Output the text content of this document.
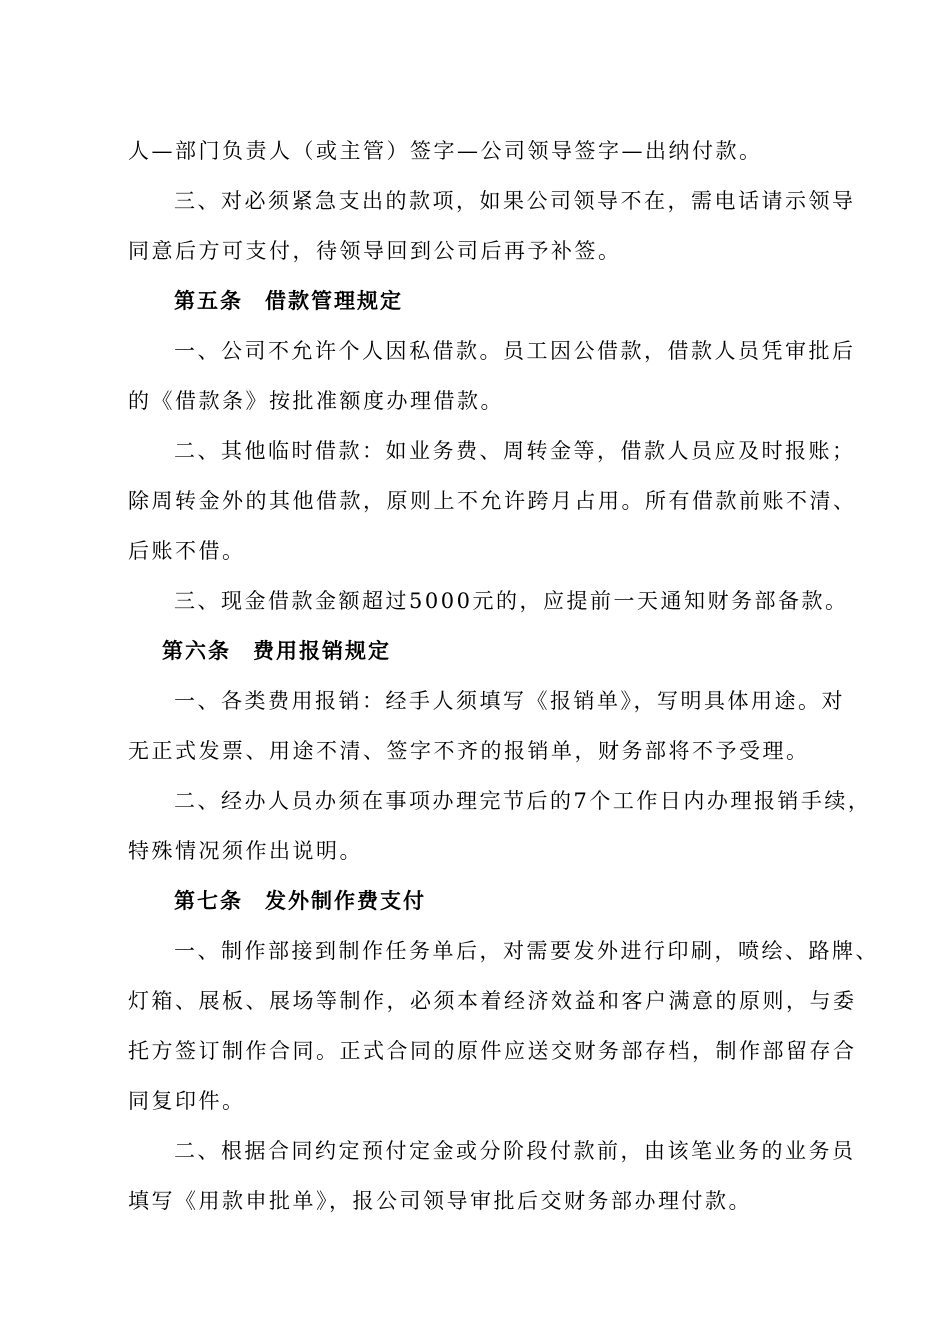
人—部门负责人（或主管）签字—公司领导签字—出纳付款。
三、对必须紧急支出的款项，如果公司领导不在，需电话请示领导
同意后方可支付，待领导回到公司后再予补签。
第五条 借款管理规定
一、公司不允许个人因私借款。员工因公借款，借款人员凭审批后
的《借款条》按批准额度办理借款。
二、其他临时借款：如业务费、周转金等，借款人员应及时报账；
除周转金外的其他借款，原则上不允许跨月占用。所有借款前账不清、
后账不借。
三、现金借款金额超过5000元的，应提前一天通知财务部备款。
第六条 费用报销规定
一、各类费用报销：经手人须填写《报销单》，写明具体用途。对
无正式发票、用途不清、签字不齐的报销单，财务部将不予受理。
二、经办人员办须在事项办理完节后的7个工作日内办理报销手续，
特殊情况须作出说明。
第七条 发外制作费支付
一、制作部接到制作任务单后，对需要发外进行印刷，喷绘、路牌、
灯箱、展板、展场等制作，必须本着经济效益和客户满意的原则，与委
托方签订制作合同。正式合同的原件应送交财务部存档，制作部留存合
同复印件。
二、根据合同约定预付定金或分阶段付款前，由该笔业务的业务员
填写《用款申批单》，报公司领导审批后交财务部办理付款。
